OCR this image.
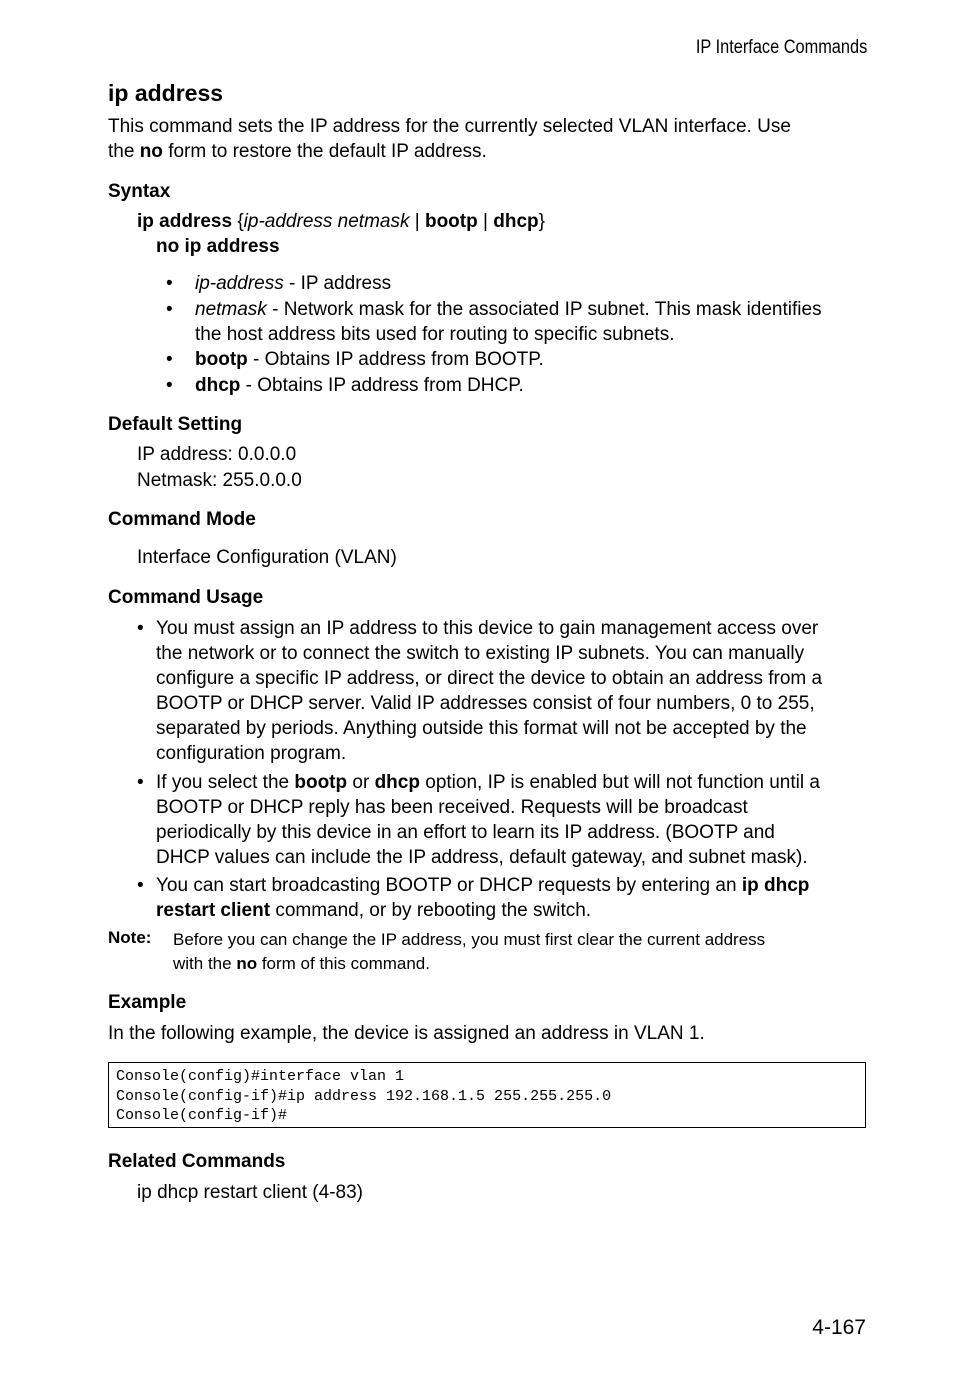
IP Interface Commands
ip address
This command sets the IP address for the currently selected VLAN interface. Use
the no form to restore the default IP address.
Syntax
ip address {ip-address netmask | bootp | dhcp}
no ip address
• ip-address - IP address
• netmask - Network mask for the associated IP subnet. This mask identifies
the host address bits used for routing to specific subnets.
• bootp - Obtains IP address from BOOTP.
• dhcp - Obtains IP address from DHCP.
Default Setting
IP address: 0.0.0.0
Netmask: 255.0.0.0
Command Mode
Interface Configuration (VLAN)
Command Usage
• You must assign an IP address to this device to gain management access over
the network or to connect the switch to existing IP subnets. You can manually
configure a specific IP address, or direct the device to obtain an address from a
BOOTP or DHCP server. Valid IP addresses consist of four numbers, 0 to 255,
separated by periods. Anything outside this format will not be accepted by the
configuration program.
• If you select the bootp or dhcp option, IP is enabled but will not function until a
BOOTP or DHCP reply has been received. Requests will be broadcast
periodically by this device in an effort to learn its IP address. (BOOTP and
DHCP values can include the IP address, default gateway, and subnet mask).
• You can start broadcasting BOOTP or DHCP requests by entering an ip dhcp
restart client command, or by rebooting the switch.
Note: Before you can change the IP address, you must first clear the current address
with the no form of this command.
Example
In the following example, the device is assigned an address in VLAN 1.
Console(config)#interface vlan 1
Console(config-if)#ip address 192.168.1.5 255.255.255.0
Console(config-if)#
Related Commands
ip dhcp restart client (4-83)
4-167
